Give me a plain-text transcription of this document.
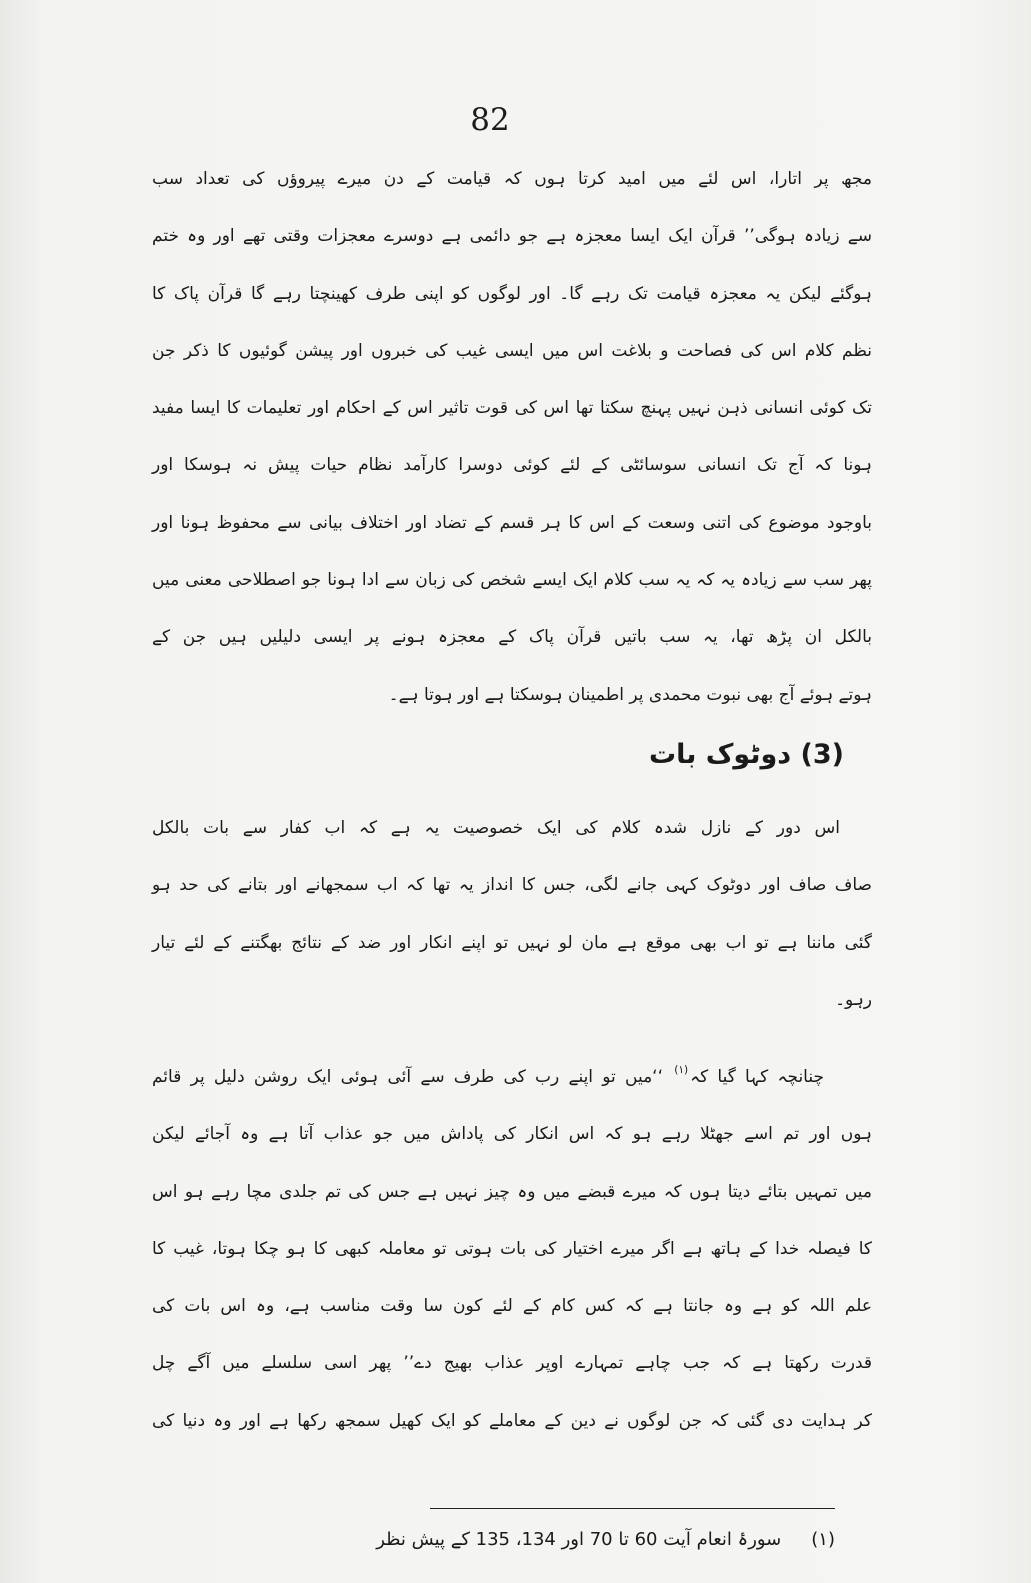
82
مجھ پر اتارا، اس لئے میں امید کرتا ہوں کہ قیامت کے دن میرے پیروؤں کی تعداد سب
سے زیادہ ہوگی’’ قرآن ایک ایسا معجزہ ہے جو دائمی ہے دوسرے معجزات وقتی تھے اور وہ ختم
ہوگئے لیکن یہ معجزہ قیامت تک رہے گا۔ اور لوگوں کو اپنی طرف کھینچتا رہے گا قرآن پاک کا
نظم کلام اس کی فصاحت و بلاغت اس میں ایسی غیب کی خبروں اور پیشن گوئیوں کا ذکر جن
تک کوئی انسانی ذہن نہیں پہنچ سکتا تھا اس کی قوت تاثیر اس کے احکام اور تعلیمات کا ایسا مفید
ہونا کہ آج تک انسانی سوسائٹی کے لئے کوئی دوسرا کارآمد نظام حیات پیش نہ ہوسکا اور
باوجود موضوع کی اتنی وسعت کے اس کا ہر قسم کے تضاد اور اختلاف بیانی سے محفوظ ہونا اور
پھر سب سے زیادہ یہ کہ یہ سب کلام ایک ایسے شخص کی زبان سے ادا ہونا جو اصطلاحی معنی میں
بالکل ان پڑھ تھا، یہ سب باتیں قرآن پاک کے معجزہ ہونے پر ایسی دلیلیں ہیں جن کے
ہوتے ہوئے آج بھی نبوت محمدی پر اطمینان ہوسکتا ہے اور ہوتا ہے۔
(3) دوٹوک بات
اس دور کے نازل شدہ کلام کی ایک خصوصیت یہ ہے کہ اب کفار سے بات بالکل
صاف صاف اور دوٹوک کہی جانے لگی، جس کا انداز یہ تھا کہ اب سمجھانے اور بتانے کی حد ہو
گئی ماننا ہے تو اب بھی موقع ہے مان لو نہیں تو اپنے انکار اور ضد کے نتائج بھگتنے کے لئے تیار
رہو۔
چنانچہ کہا گیا کہ$^{(۱)}$ ‘‘میں تو اپنے رب کی طرف سے آئی ہوئی ایک روشن دلیل پر قائم
ہوں اور تم اسے جھٹلا رہے ہو کہ اس انکار کی پاداش میں جو عذاب آتا ہے وہ آجائے لیکن
میں تمہیں بتائے دیتا ہوں کہ میرے قبضے میں وہ چیز نہیں ہے جس کی تم جلدی مچا رہے ہو اس
کا فیصلہ خدا کے ہاتھ ہے اگر میرے اختیار کی بات ہوتی تو معاملہ کبھی کا ہو چکا ہوتا، غیب کا
علم اللہ کو ہے وہ جانتا ہے کہ کس کام کے لئے کون سا وقت مناسب ہے، وہ اس بات کی
قدرت رکھتا ہے کہ جب چاہے تمہارے اوپر عذاب بھیج دے’’ پھر اسی سلسلے میں آگے چل
کر ہدایت دی گئی کہ جن لوگوں نے دین کے معاملے کو ایک کھیل سمجھ رکھا ہے اور وہ دنیا کی
(۱)سورۂ انعام آیت 60 تا 70 اور 134، 135 کے پیش نظر
